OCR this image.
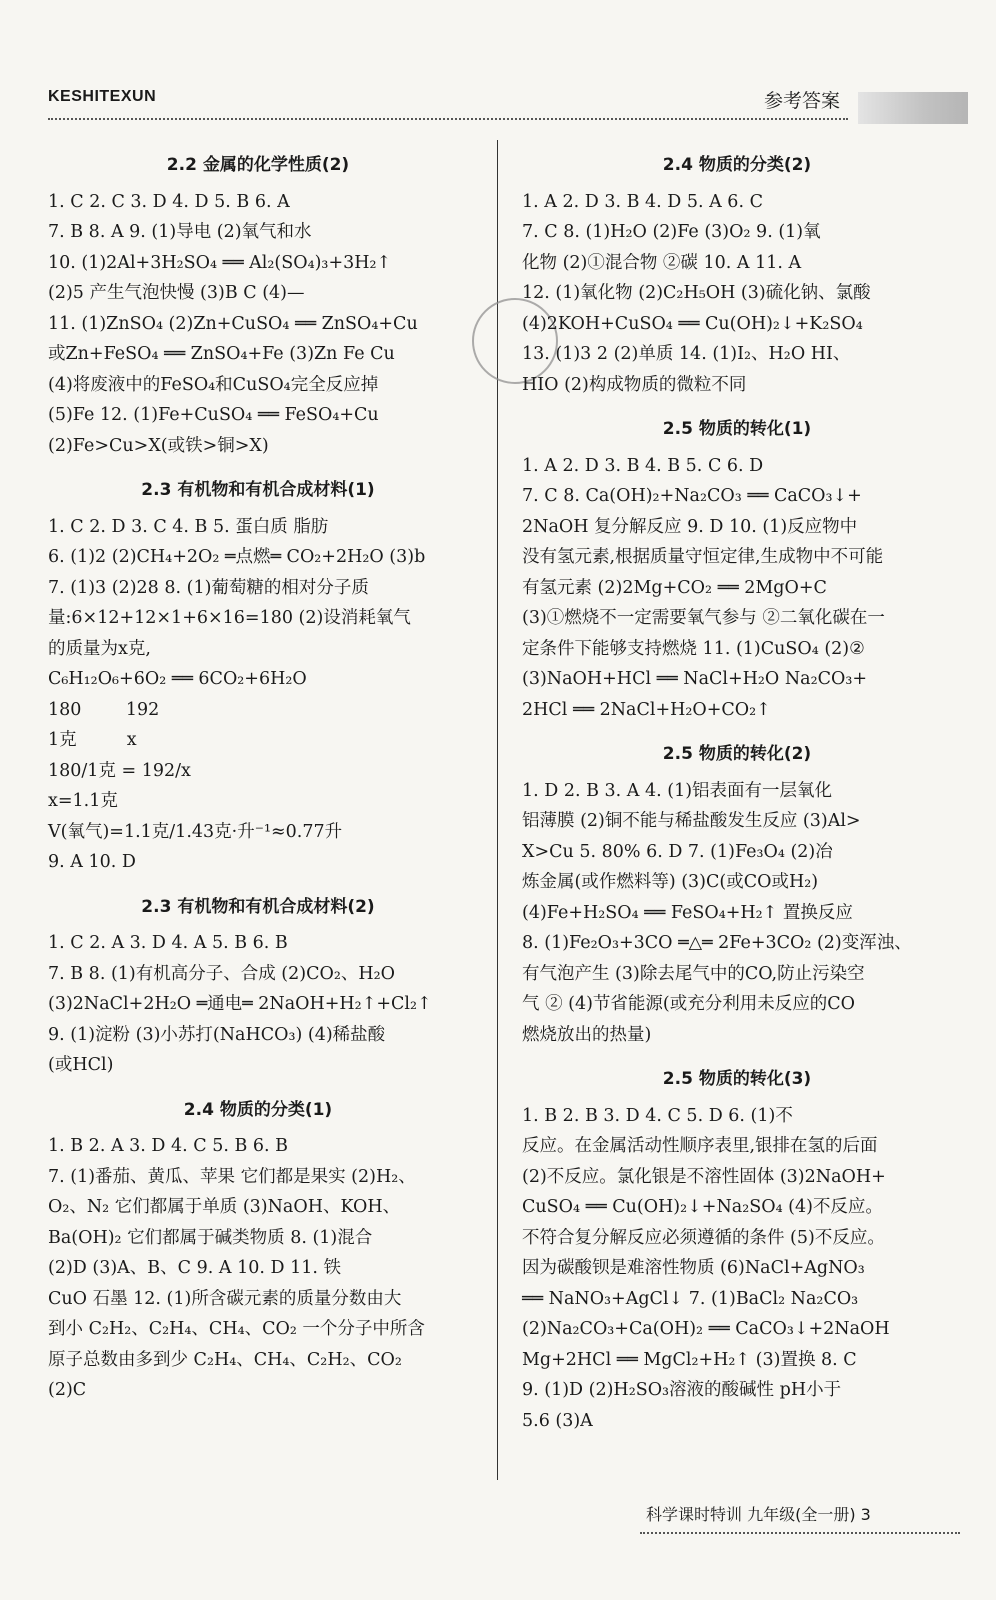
KESHITEXUN	参考答案
2.2 金属的化学性质(2)
1. C 2. C 3. D 4. D 5. B 6. A
7. B 8. A 9. (1)导电 (2)氧气和水
10. (1)2Al+3H₂SO₄ ══ Al₂(SO₄)₃+3H₂↑
(2)5 产生气泡快慢 (3)B C (4)—
11. (1)ZnSO₄ (2)Zn+CuSO₄ ══ ZnSO₄+Cu
或Zn+FeSO₄ ══ ZnSO₄+Fe (3)Zn Fe Cu
(4)将废液中的FeSO₄和CuSO₄完全反应掉
(5)Fe 12. (1)Fe+CuSO₄ ══ FeSO₄+Cu
(2)Fe>Cu>X(或铁>铜>X)
2.3 有机物和有机合成材料(1)
1. C 2. D 3. C 4. B 5. 蛋白质 脂肪
6. (1)2 (2)CH₄+2O₂ ═点燃═ CO₂+2H₂O (3)b
7. (1)3 (2)28 8. (1)葡萄糖的相对分子质
量:6×12+12×1+6×16=180 (2)设消耗氧气
的质量为x克,
C₆H₁₂O₆+6O₂ ══ 6CO₂+6H₂O
180        192
1克         x
180/1克 = 192/x
x=1.1克
V(氧气)=1.1克/1.43克·升⁻¹≈0.77升
9. A 10. D
2.3 有机物和有机合成材料(2)
1. C 2. A 3. D 4. A 5. B 6. B
7. B 8. (1)有机高分子、合成 (2)CO₂、H₂O
(3)2NaCl+2H₂O ═通电═ 2NaOH+H₂↑+Cl₂↑
9. (1)淀粉 (3)小苏打(NaHCO₃) (4)稀盐酸
(或HCl)
2.4 物质的分类(1)
1. B 2. A 3. D 4. C 5. B 6. B
7. (1)番茄、黄瓜、苹果 它们都是果实 (2)H₂、
O₂、N₂ 它们都属于单质 (3)NaOH、KOH、
Ba(OH)₂ 它们都属于碱类物质 8. (1)混合
(2)D (3)A、B、C 9. A 10. D 11. 铁
CuO 石墨 12. (1)所含碳元素的质量分数由大
到小 C₂H₂、C₂H₄、CH₄、CO₂ 一个分子中所含
原子总数由多到少 C₂H₄、CH₄、C₂H₂、CO₂
(2)C
2.4 物质的分类(2)
1. A 2. D 3. B 4. D 5. A 6. C
7. C 8. (1)H₂O (2)Fe (3)O₂ 9. (1)氧
化物 (2)①混合物 ②碳 10. A 11. A
12. (1)氧化物 (2)C₂H₅OH (3)硫化钠、氯酸
(4)2KOH+CuSO₄ ══ Cu(OH)₂↓+K₂SO₄
13. (1)3 2 (2)单质 14. (1)I₂、H₂O HI、
HIO (2)构成物质的微粒不同
2.5 物质的转化(1)
1. A 2. D 3. B 4. B 5. C 6. D
7. C 8. Ca(OH)₂+Na₂CO₃ ══ CaCO₃↓+
2NaOH 复分解反应 9. D 10. (1)反应物中
没有氢元素,根据质量守恒定律,生成物中不可能
有氢元素 (2)2Mg+CO₂ ══ 2MgO+C
(3)①燃烧不一定需要氧气参与 ②二氧化碳在一
定条件下能够支持燃烧 11. (1)CuSO₄ (2)②
(3)NaOH+HCl ══ NaCl+H₂O Na₂CO₃+
2HCl ══ 2NaCl+H₂O+CO₂↑
2.5 物质的转化(2)
1. D 2. B 3. A 4. (1)铝表面有一层氧化
铝薄膜 (2)铜不能与稀盐酸发生反应 (3)Al>
X>Cu 5. 80% 6. D 7. (1)Fe₃O₄ (2)冶
炼金属(或作燃料等) (3)C(或CO或H₂)
(4)Fe+H₂SO₄ ══ FeSO₄+H₂↑ 置换反应
8. (1)Fe₂O₃+3CO ═△═ 2Fe+3CO₂ (2)变浑浊、
有气泡产生 (3)除去尾气中的CO,防止污染空
气 ② (4)节省能源(或充分利用未反应的CO
燃烧放出的热量)
2.5 物质的转化(3)
1. B 2. B 3. D 4. C 5. D 6. (1)不
反应。在金属活动性顺序表里,银排在氢的后面
(2)不反应。氯化银是不溶性固体 (3)2NaOH+
CuSO₄ ══ Cu(OH)₂↓+Na₂SO₄ (4)不反应。
不符合复分解反应必须遵循的条件 (5)不反应。
因为碳酸钡是难溶性物质 (6)NaCl+AgNO₃
══ NaNO₃+AgCl↓ 7. (1)BaCl₂ Na₂CO₃
(2)Na₂CO₃+Ca(OH)₂ ══ CaCO₃↓+2NaOH
Mg+2HCl ══ MgCl₂+H₂↑ (3)置换 8. C
9. (1)D (2)H₂SO₃溶液的酸碱性 pH小于
5.6 (3)A
科学课时特训 九年级(全一册) 3
